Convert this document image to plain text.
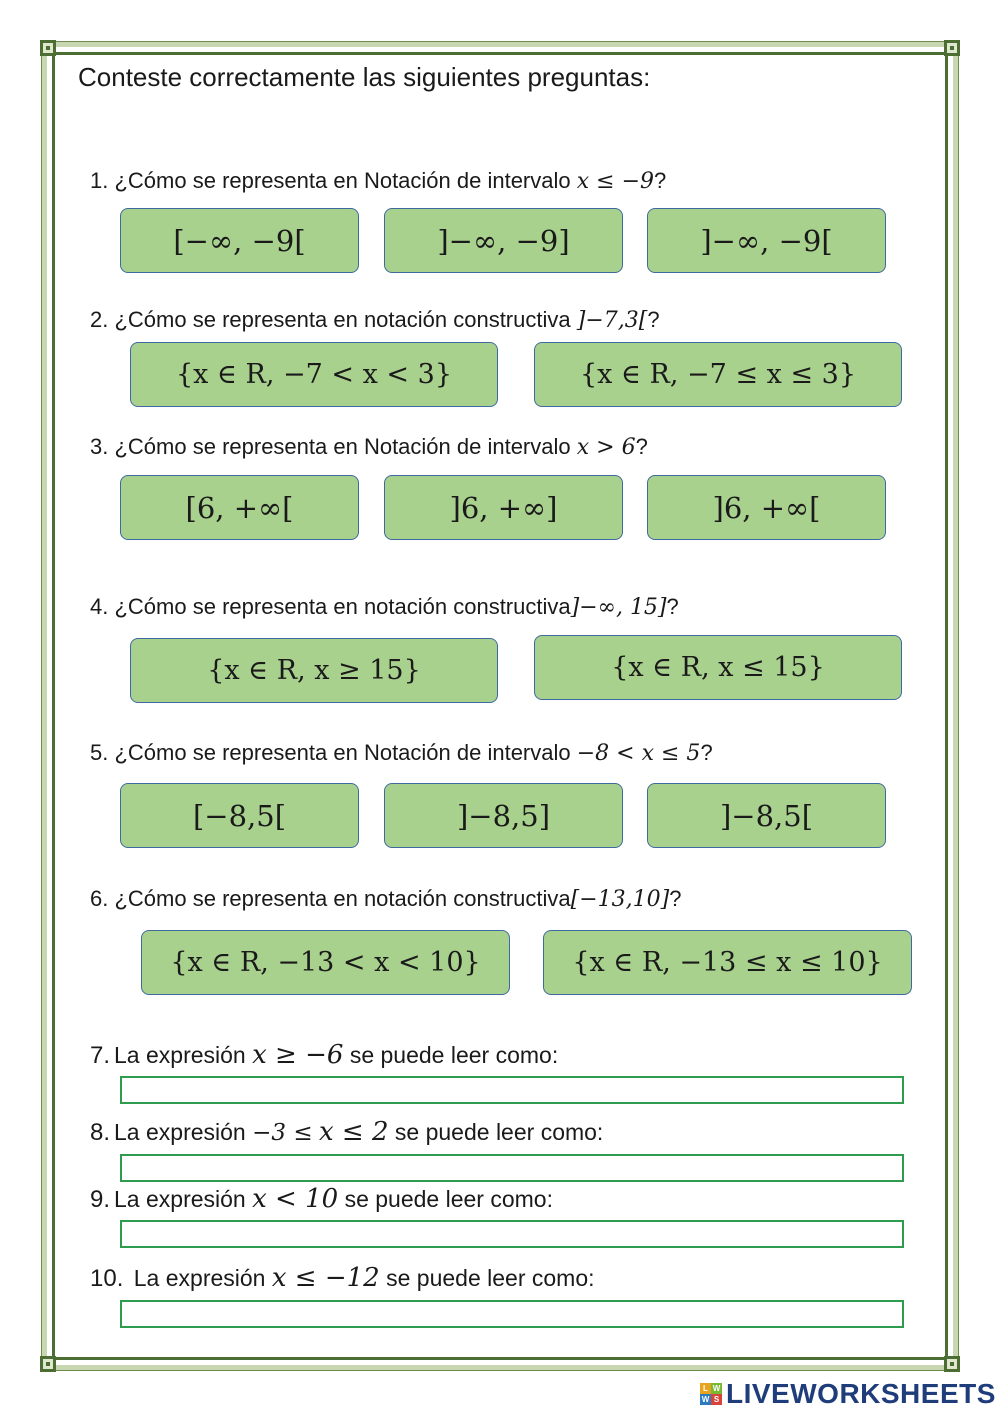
Conteste correctamente las siguientes preguntas:
1. ¿Cómo se representa en Notación de intervalo x ≤ −9?
[−∞, −9[	]−∞, −9]	]−∞, −9[
2. ¿Cómo se representa en notación constructiva ]−7,3[?
{x ∈ R, −7 < x < 3}	{x ∈ R, −7 ≤ x ≤ 3}
3. ¿Cómo se representa en Notación de intervalo x > 6?
[6, +∞[	]6, +∞]	]6, +∞[
4. ¿Cómo se representa en notación constructiva]−∞, 15]?
{x ∈ R, x ≥ 15}	{x ∈ R, x ≤ 15}
5. ¿Cómo se representa en Notación de intervalo −8 < x ≤ 5?
[−8,5[	]−8,5]	]−8,5[
6. ¿Cómo se representa en notación constructiva[−13,10]?
{x ∈ R, −13 < x < 10}	{x ∈ R, −13 ≤ x ≤ 10}
7. La expresión x ≥ −6 se puede leer como:
8. La expresión −3 ≤ x ≤ 2 se puede leer como:
9. La expresión x < 10 se puede leer como:
10. La expresión x ≤ −12 se puede leer como:
L W
W S LIVEWORKSHEETS
